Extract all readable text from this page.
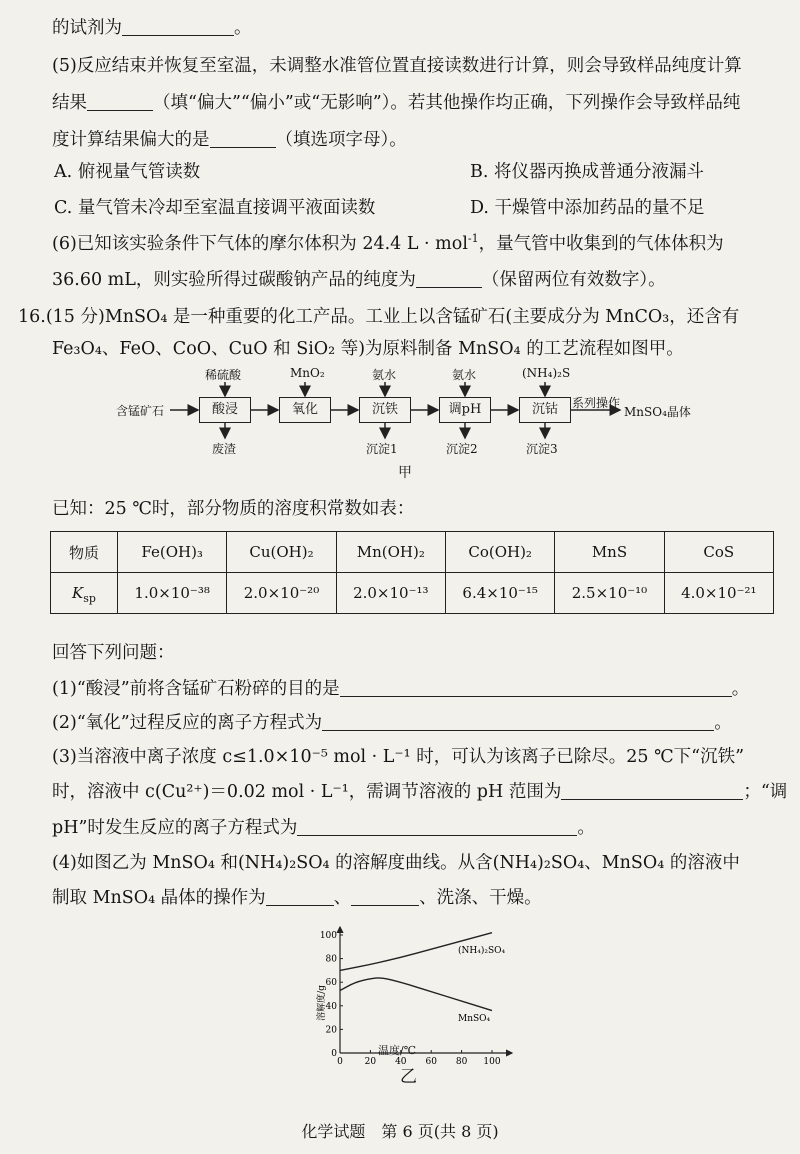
的试剂为	。
(5)反应结束并恢复至室温，未调整水准管位置直接读数进行计算，则会导致样品纯度计算
结果	（填“偏大”“偏小”或“无影响”）。若其他操作均正确，下列操作会导致样品纯
度计算结果偏大的是	（填选项字母）。
A. 俯视量气管读数	B. 将仪器丙换成普通分液漏斗
C. 量气管未冷却至室温直接调平液面读数	D. 干燥管中添加药品的量不足
(6)已知该实验条件下气体的摩尔体积为 24.4 L · mol$^{-1}$，量气管中收集到的气体体积为
36.60 mL，则实验所得过碳酸钠产品的纯度为	（保留两位有效数字）。
16.(15 分)MnSO₄ 是一种重要的化工产品。工业上以含锰矿石(主要成分为 MnCO₃，还含有
Fe₃O₄、FeO、CoO、CuO 和 SiO₂ 等)为原料制备 MnSO₄ 的工艺流程如图甲。
含锰矿石	酸浸	氧化	沉铁	调pH	沉钴
稀硫酸	MnO₂	氨水	氨水	(NH₄)₂S
废渣	沉淀1	沉淀2	沉淀3
系列操作
MnSO₄晶体
甲
已知：25 ℃时，部分物质的溶度积常数如表：
物质	Fe(OH)₃	Cu(OH)₂	Mn(OH)₂	Co(OH)₂	MnS	CoS
$K_{sp}$	1.0×10⁻³⁸	2.0×10⁻²⁰	2.0×10⁻¹³	6.4×10⁻¹⁵	2.5×10⁻¹⁰	4.0×10⁻²¹
回答下列问题：
(1)“酸浸”前将含锰矿石粉碎的目的是	。
(2)“氧化”过程反应的离子方程式为	。
(3)当溶液中离子浓度 c≤1.0×10⁻⁵ mol · L⁻¹ 时，可认为该离子已除尽。25 ℃下“沉铁”
时，溶液中 c(Cu²⁺)＝0.02 mol · L⁻¹，需调节溶液的 pH 范围为	；“调
pH”时发生反应的离子方程式为	。
(4)如图乙为 MnSO₄ 和(NH₄)₂SO₄ 的溶解度曲线。从含(NH₄)₂SO₄、MnSO₄ 的溶液中
制取 MnSO₄ 晶体的操作为	、	、洗涤、干燥。
0
20
40
60
80
100
0 20 40 60 80 100
(NH₄)₂SO₄
MnSO₄
溶解度/g
温度/℃
乙
化学试题　第 6 页(共 8 页)
